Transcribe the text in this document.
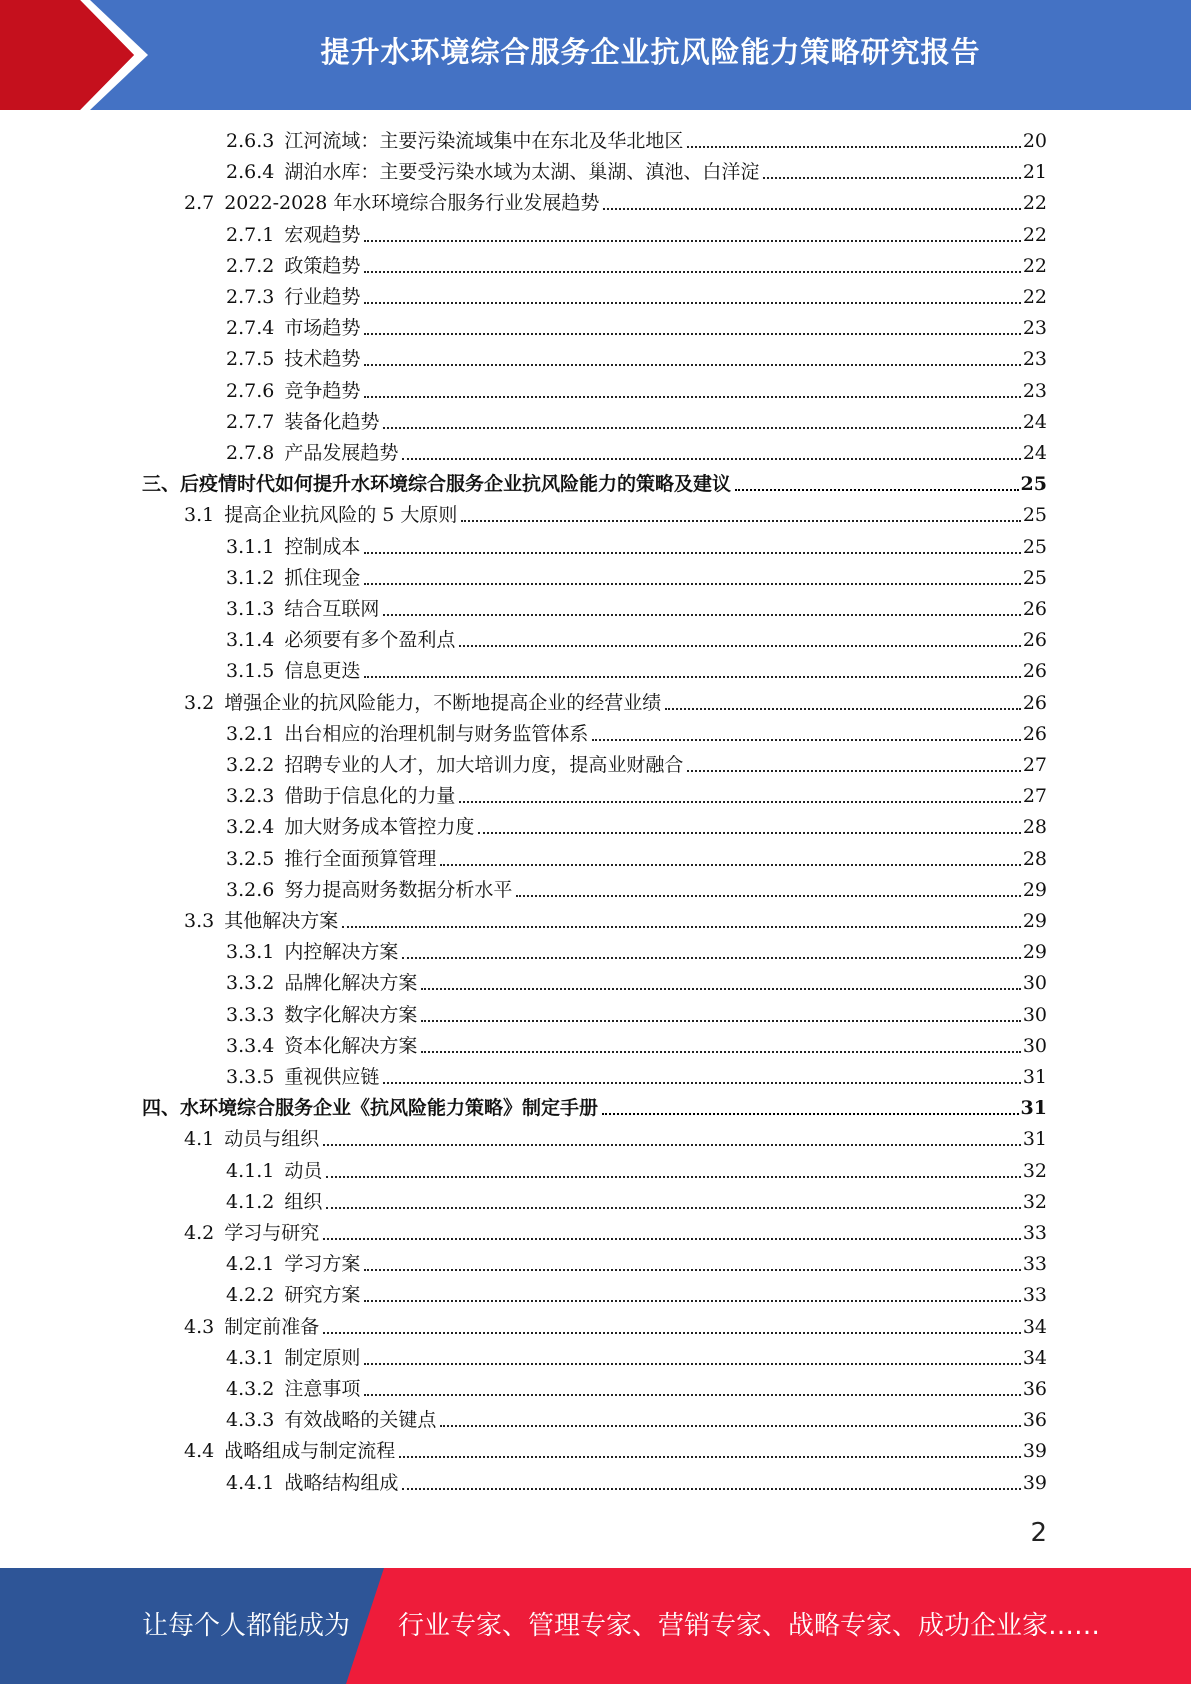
提升水环境综合服务企业抗风险能力策略研究报告
2.6.3 江河流域：主要污染流域集中在东北及华北地区	20
2.6.4 湖泊水库：主要受污染水域为太湖、巢湖、滇池、白洋淀	21
2.7 2022-2028 年水环境综合服务行业发展趋势	22
2.7.1 宏观趋势	22
2.7.2 政策趋势	22
2.7.3 行业趋势	22
2.7.4 市场趋势	23
2.7.5 技术趋势	23
2.7.6 竞争趋势	23
2.7.7 装备化趋势	24
2.7.8 产品发展趋势	24
三、后疫情时代如何提升水环境综合服务企业抗风险能力的策略及建议	25
3.1 提高企业抗风险的 5 大原则	25
3.1.1 控制成本	25
3.1.2 抓住现金	25
3.1.3 结合互联网	26
3.1.4 必须要有多个盈利点	26
3.1.5 信息更迭	26
3.2 增强企业的抗风险能力，不断地提高企业的经营业绩	26
3.2.1 出台相应的治理机制与财务监管体系	26
3.2.2 招聘专业的人才，加大培训力度，提高业财融合	27
3.2.3 借助于信息化的力量	27
3.2.4 加大财务成本管控力度	28
3.2.5 推行全面预算管理	28
3.2.6 努力提高财务数据分析水平	29
3.3 其他解决方案	29
3.3.1 内控解决方案	29
3.3.2 品牌化解决方案	30
3.3.3 数字化解决方案	30
3.3.4 资本化解决方案	30
3.3.5 重视供应链	31
四、水环境综合服务企业《抗风险能力策略》制定手册	31
4.1 动员与组织	31
4.1.1 动员	32
4.1.2 组织	32
4.2 学习与研究	33
4.2.1 学习方案	33
4.2.2 研究方案	33
4.3 制定前准备	34
4.3.1 制定原则	34
4.3.2 注意事项	36
4.3.3 有效战略的关键点	36
4.4 战略组成与制定流程	39
4.4.1 战略结构组成	39
2
让每个人都能成为 行业专家、管理专家、营销专家、战略专家、成功企业家……
